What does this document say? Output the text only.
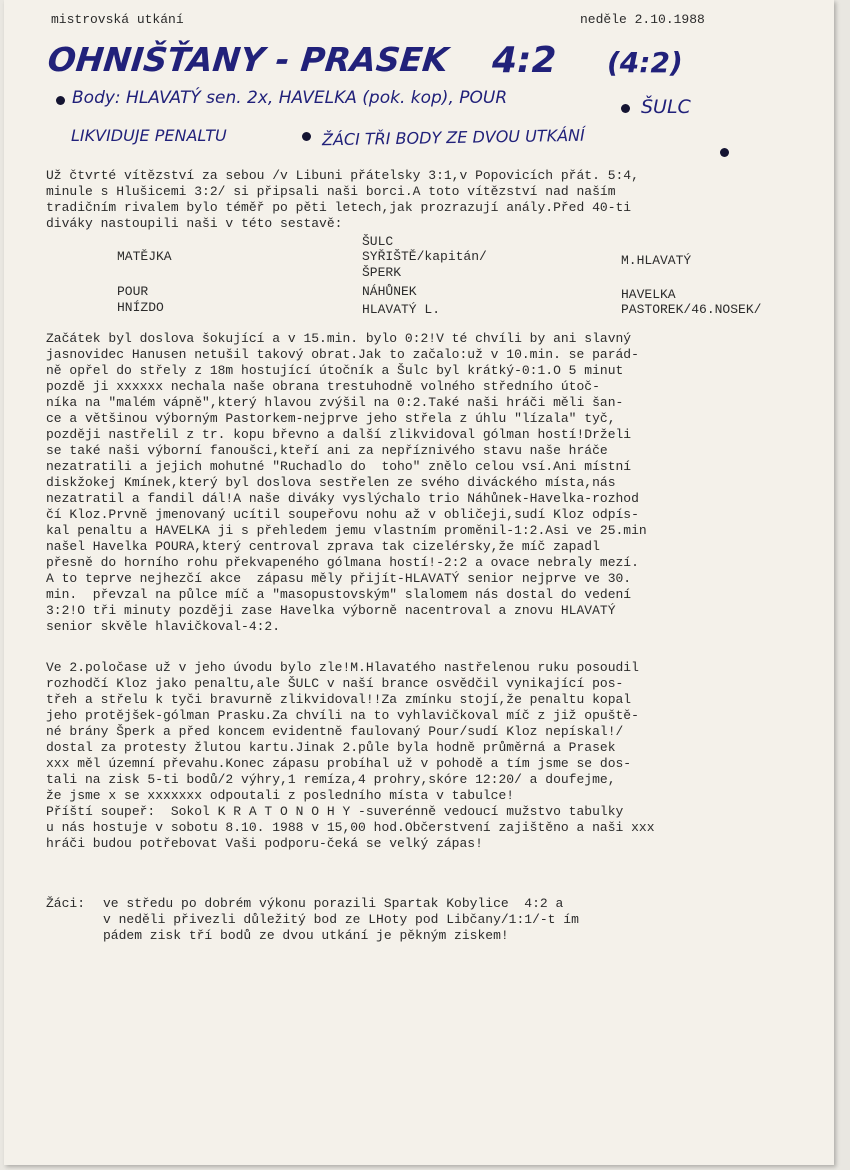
mistrovská utkání	neděle 2.10.1988
OHNIŠŤANY - PRASEK 4:2 (4:2)
Body: HLAVATÝ sen. 2x, HAVELKA (pok. kop), POUR	ŠULC
LIKVIDUJE PENALTU	ŽÁCI TŘI BODY ZE DVOU UTKÁNÍ
Už čtvrté vítězství za sebou /v Libuni přátelsky 3:1,v Popovicích přát. 5:4,
minule s Hlušicemi 3:2/ si připsali naši borci.A toto vítězství nad naším
tradičním rivalem bylo téměř po pěti letech,jak prozrazují anály.Před 40-ti
diváky nastoupili naši v této sestavě:
ŠULC
MATĚJKA	SYŘIŠTĚ/kapitán/	M.HLAVATÝ
ŠPERK
POUR	NÁHŮNEK	HAVELKA
HNÍZDO	HLAVATÝ L.	PASTOREK/46.NOSEK/
Začátek byl doslova šokující a v 15.min. bylo 0:2!V té chvíli by ani slavný
jasnovidec Hanusen netušil takový obrat.Jak to začalo:už v 10.min. se parád-
ně opřel do střely z 18m hostující útočník a Šulc byl krátký-0:1.O 5 minut
pozdě ji xxxxxx nechala naše obrana trestuhodně volného středního útoč-
níka na "malém vápně",který hlavou zvýšil na 0:2.Také naši hráči měli šan-
ce a většinou výborným Pastorkem-nejprve jeho střela z úhlu "lízala" tyč,
později nastřelil z tr. kopu břevno a další zlikvidoval gólman hostí!Drželi
se také naši výborní fanoušci,kteří ani za nepříznivého stavu naše hráče
nezatratili a jejich mohutné "Ruchadlo do  toho" znělo celou vsí.Ani místní
diskžokej Kmínek,který byl doslova sestřelen ze svého diváckého místa,nás
nezatratil a fandil dál!A naše diváky vyslýchalo trio Náhůnek-Havelka-rozhod
čí Kloz.Prvně jmenovaný ucítil soupeřovu nohu až v obličeji,sudí Kloz odpís-
kal penaltu a HAVELKA ji s přehledem jemu vlastním proměnil-1:2.Asi ve 25.min
našel Havelka POURA,který centroval zprava tak cizelérsky,že míč zapadl
přesně do horního rohu překvapeného gólmana hostí!-2:2 a ovace nebraly mezí.
A to teprve nejhezčí akce  zápasu měly přijít-HLAVATÝ senior nejprve ve 30.
min.  převzal na půlce míč a "masopustovským" slalomem nás dostal do vedení
3:2!O tři minuty později zase Havelka výborně nacentroval a znovu HLAVATÝ
senior skvěle hlavičkoval-4:2.
Ve 2.poločase už v jeho úvodu bylo zle!M.Hlavatého nastřelenou ruku posoudil
rozhodčí Kloz jako penaltu,ale ŠULC v naší brance osvědčil vynikající pos-
třeh a střelu k tyči bravurně zlikvidoval!!Za zmínku stojí,že penaltu kopal
jeho protějšek-gólman Prasku.Za chvíli na to vyhlavičkoval míč z již opuště-
né brány Šperk a před koncem evidentně faulovaný Pour/sudí Kloz nepískal!/
dostal za protesty žlutou kartu.Jinak 2.půle byla hodně průměrná a Prasek
xxx měl územní převahu.Konec zápasu probíhal už v pohodě a tím jsme se dos-
tali na zisk 5-ti bodů/2 výhry,1 remíza,4 prohry,skóre 12:20/ a doufejme,
že jsme x se xxxxxxx odpoutali z posledního místa v tabulce!
Příští soupeř:  Sokol K R A T O N O H Y -suverénně vedoucí mužstvo tabulky
u nás hostuje v sobotu 8.10. 1988 v 15,00 hod.Občerstvení zajištěno a naši xxx
hráči budou potřebovat Vaši podporu-čeká se velký zápas!
Žáci: ve středu po dobrém výkonu porazili Spartak Kobylice  4:2 a
v neděli přivezli důležitý bod ze LHoty pod Libčany/1:1/-t ím
pádem zisk tří bodů ze dvou utkání je pěkným ziskem!
